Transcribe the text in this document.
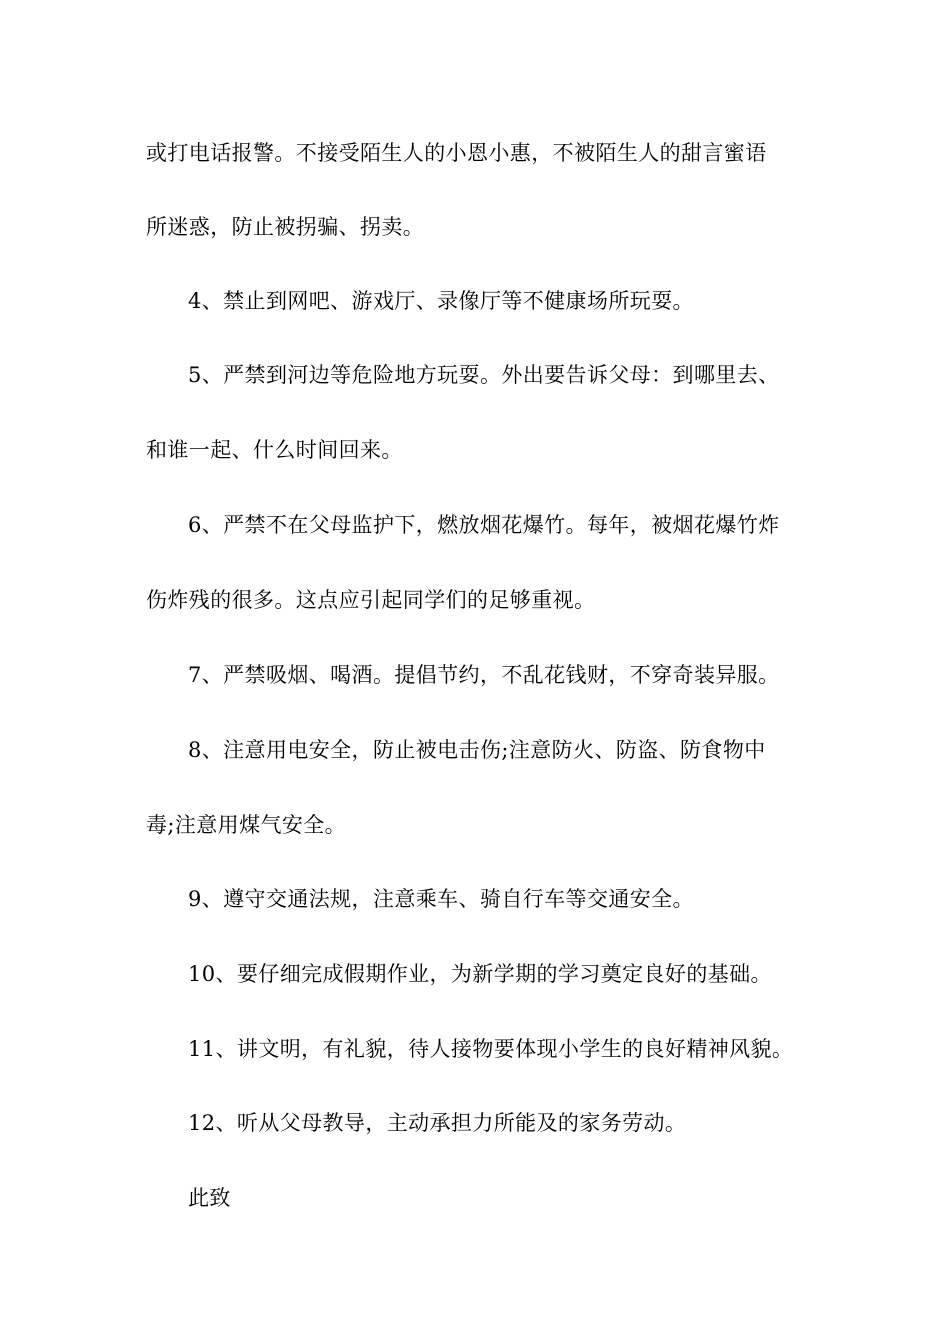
或打电话报警。不接受陌生人的小恩小惠，不被陌生人的甜言蜜语
所迷惑，防止被拐骗、拐卖。
4、禁止到网吧、游戏厅、录像厅等不健康场所玩耍。
5、严禁到河边等危险地方玩耍。外出要告诉父母：到哪里去、
和谁一起、什么时间回来。
6、严禁不在父母监护下，燃放烟花爆竹。每年，被烟花爆竹炸
伤炸残的很多。这点应引起同学们的足够重视。
7、严禁吸烟、喝酒。提倡节约，不乱花钱财，不穿奇装异服。
8、注意用电安全，防止被电击伤;注意防火、防盗、防食物中
毒;注意用煤气安全。
9、遵守交通法规，注意乘车、骑自行车等交通安全。
10、要仔细完成假期作业，为新学期的学习奠定良好的基础。
11、讲文明，有礼貌，待人接物要体现小学生的良好精神风貌。
12、听从父母教导，主动承担力所能及的家务劳动。
此致
